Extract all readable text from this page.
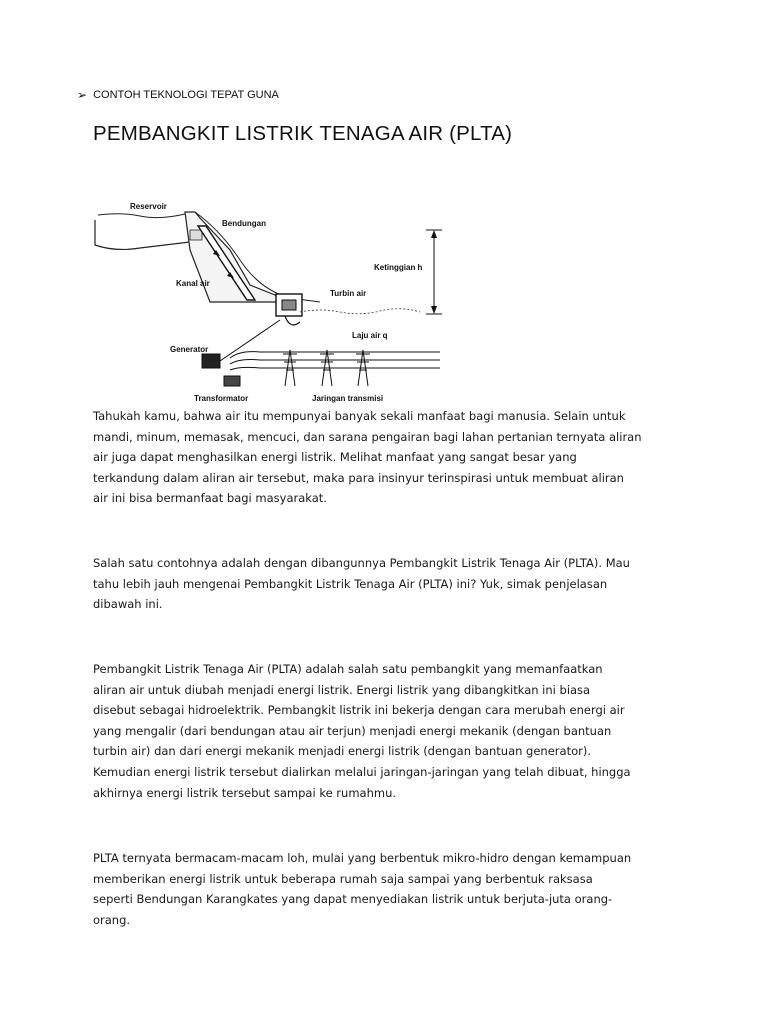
➢ CONTOH TEKNOLOGI TEPAT GUNA
PEMBANGKIT LISTRIK TENAGA AIR (PLTA)
Reservoir
Bendungan
Ketinggian h
Kanal air
Turbin air
Laju air q
Generator
Transformator	Jaringan transmisi

Tahukah kamu, bahwa air itu mempunyai banyak sekali manfaat bagi manusia. Selain untuk
mandi, minum, memasak, mencuci, dan sarana pengairan bagi lahan pertanian ternyata aliran
air juga dapat menghasilkan energi listrik. Melihat manfaat yang sangat besar yang
terkandung dalam aliran air tersebut, maka para insinyur terinspirasi untuk membuat aliran
air ini bisa bermanfaat bagi masyarakat.

Salah satu contohnya adalah dengan dibangunnya Pembangkit Listrik Tenaga Air (PLTA). Mau
tahu lebih jauh mengenai Pembangkit Listrik Tenaga Air (PLTA) ini? Yuk, simak penjelasan
dibawah ini.

Pembangkit Listrik Tenaga Air (PLTA) adalah salah satu pembangkit yang memanfaatkan
aliran air untuk diubah menjadi energi listrik. Energi listrik yang dibangkitkan ini biasa
disebut sebagai hidroelektrik. Pembangkit listrik ini bekerja dengan cara merubah energi air
yang mengalir (dari bendungan atau air terjun) menjadi energi mekanik (dengan bantuan
turbin air) dan dari energi mekanik menjadi energi listrik (dengan bantuan generator).
Kemudian energi listrik tersebut dialirkan melalui jaringan-jaringan yang telah dibuat, hingga
akhirnya energi listrik tersebut sampai ke rumahmu.

PLTA ternyata bermacam-macam loh, mulai yang berbentuk mikro-hidro dengan kemampuan
memberikan energi listrik untuk beberapa rumah saja sampai yang berbentuk raksasa
seperti Bendungan Karangkates yang dapat menyediakan listrik untuk berjuta-juta orang-
orang.
